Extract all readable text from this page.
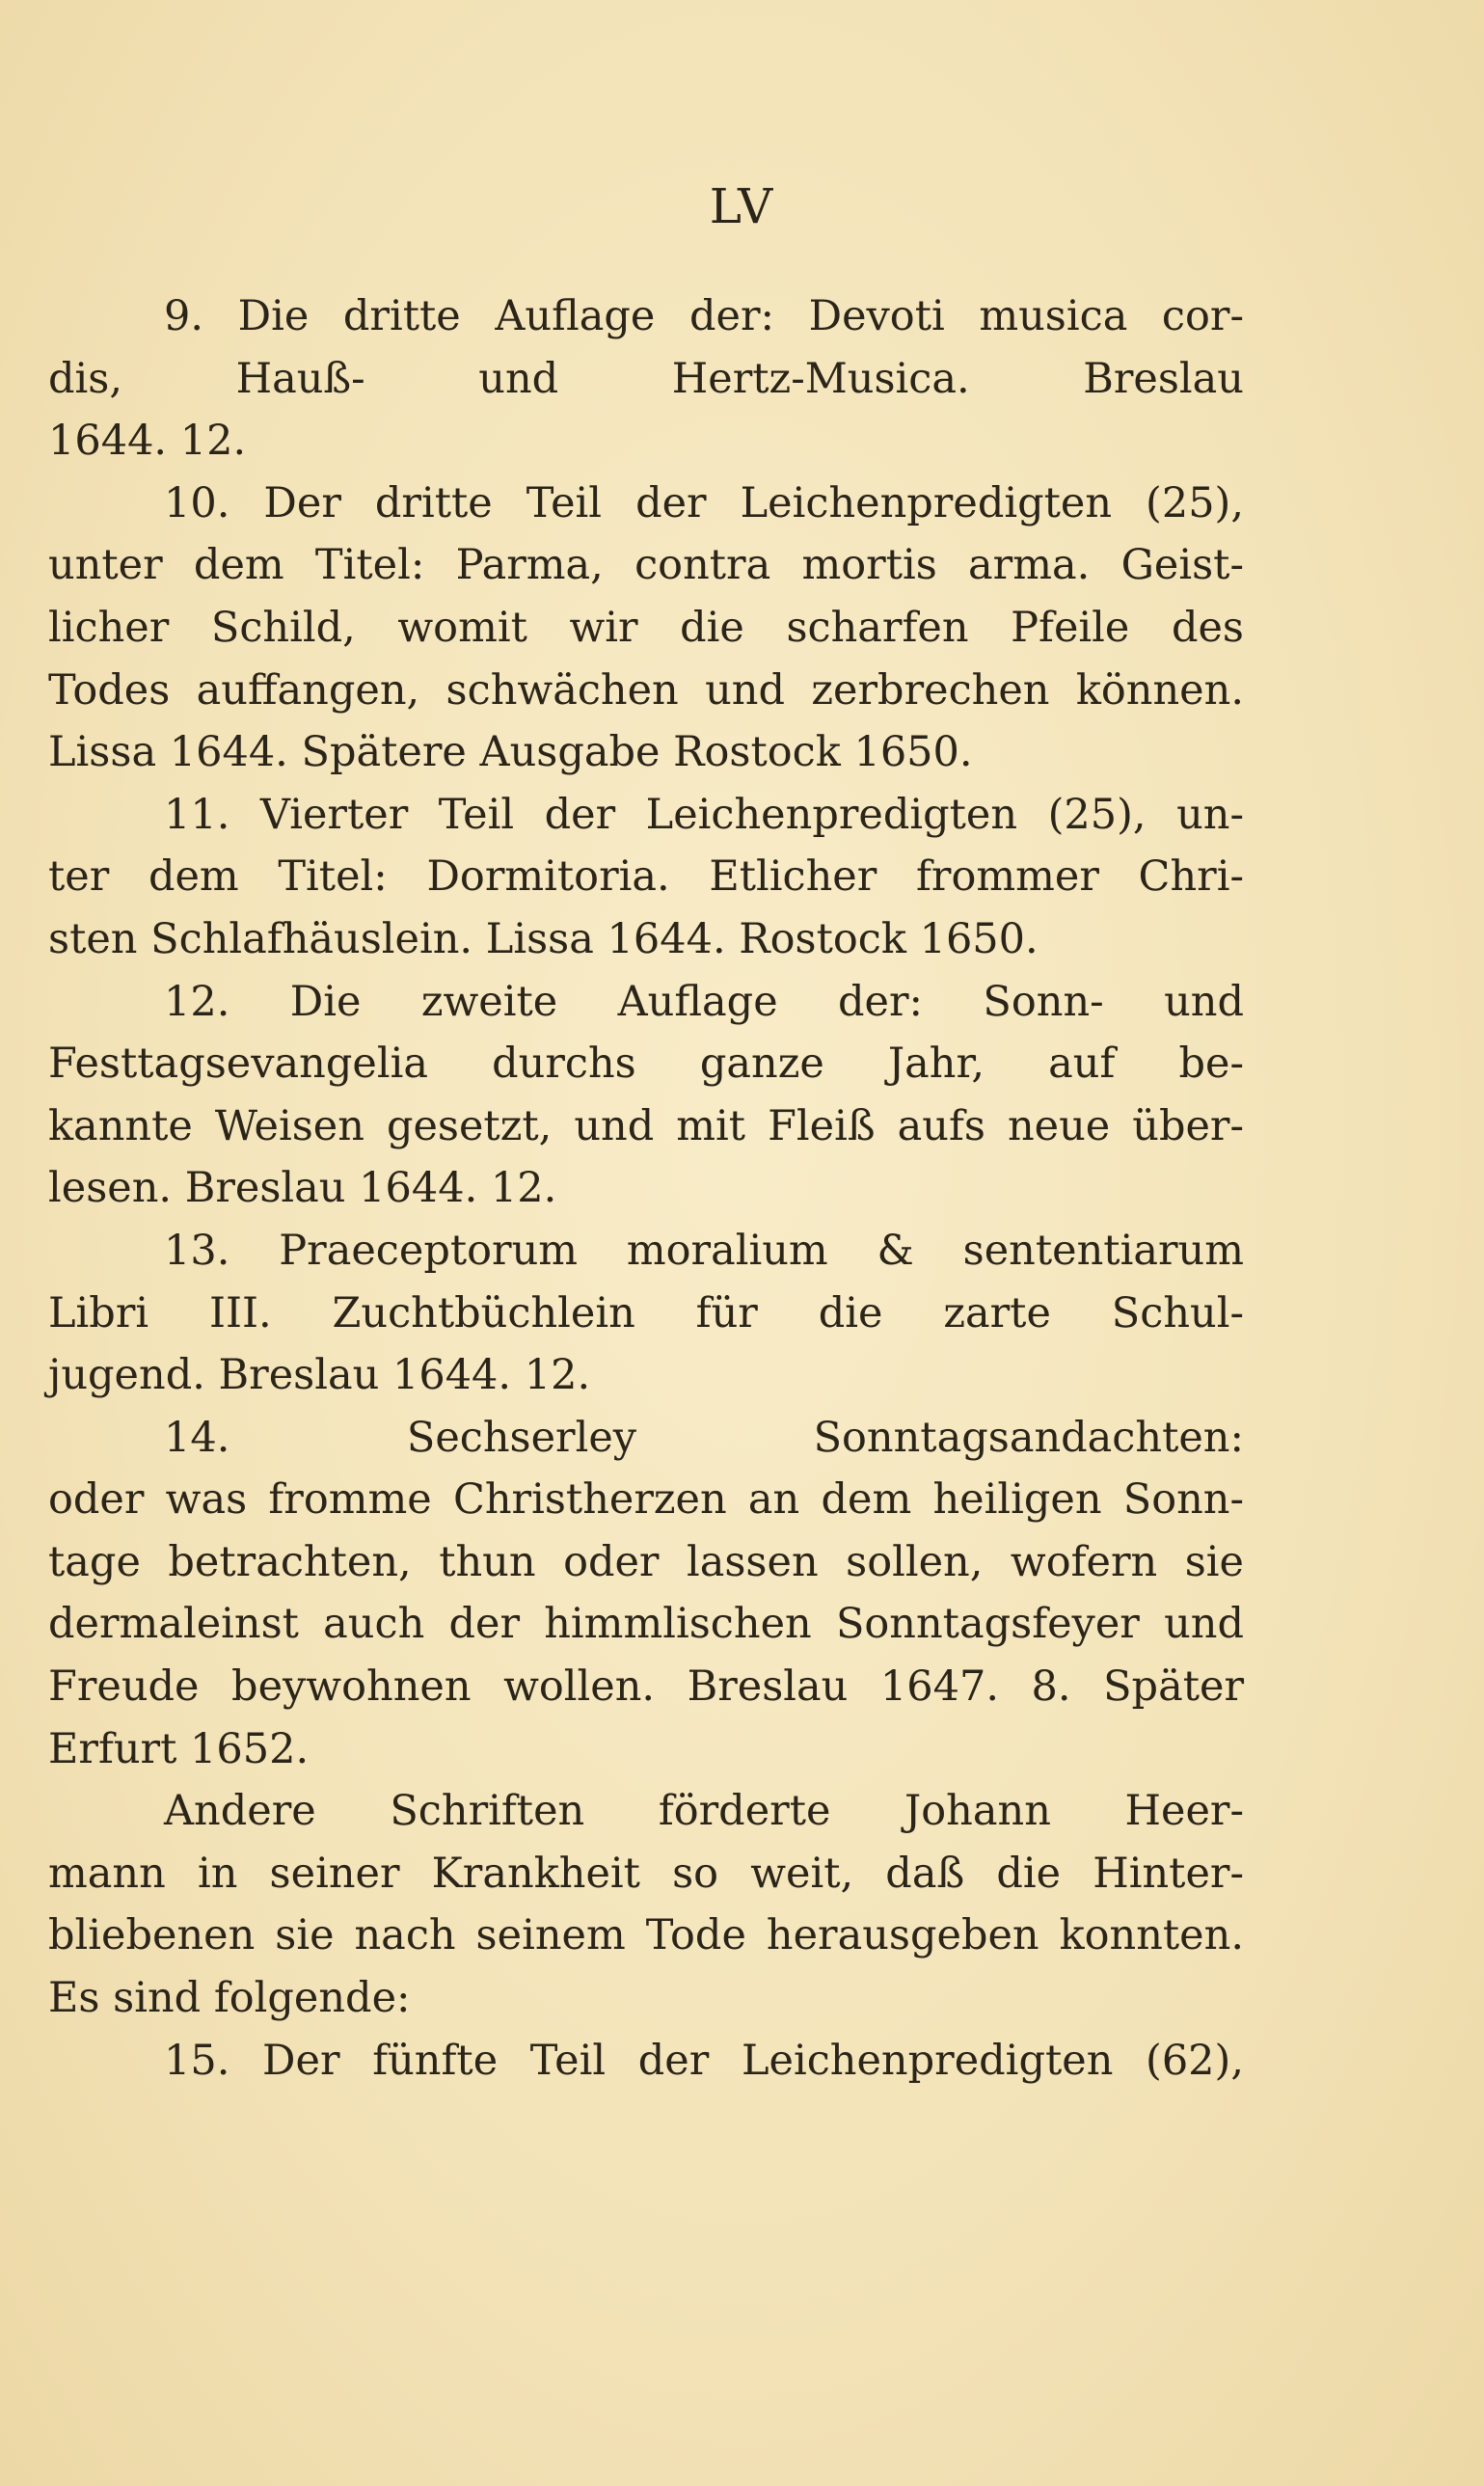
LV
9. Die dritte Auflage der: Devoti musica cor-
dis, Hauß- und Hertz-Musica. Breslau
1644. 12.
10. Der dritte Teil der Leichenpredigten (25),
unter dem Titel: Parma, contra mortis arma. Geist-
licher Schild, womit wir die scharfen Pfeile des
Todes auffangen, schwächen und zerbrechen können.
Lissa 1644. Spätere Ausgabe Rostock 1650.
11. Vierter Teil der Leichenpredigten (25), un-
ter dem Titel: Dormitoria. Etlicher frommer Chri-
sten Schlafhäuslein. Lissa 1644. Rostock 1650.
12. Die zweite Auflage der: Sonn- und
Festtagsevangelia durchs ganze Jahr, auf be-
kannte Weisen gesetzt, und mit Fleiß aufs neue über-
lesen. Breslau 1644. 12.
13. Praeceptorum moralium & sententiarum
Libri III. Zuchtbüchlein für die zarte Schul-
jugend. Breslau 1644. 12.
14. Sechserley Sonntagsandachten:
oder was fromme Christherzen an dem heiligen Sonn-
tage betrachten, thun oder lassen sollen, wofern sie
dermaleinst auch der himmlischen Sonntagsfeyer und
Freude beywohnen wollen. Breslau 1647. 8. Später
Erfurt 1652.
Andere Schriften förderte Johann Heer-
mann in seiner Krankheit so weit, daß die Hinter-
bliebenen sie nach seinem Tode herausgeben konnten.
Es sind folgende:
15. Der fünfte Teil der Leichenpredigten (62),
